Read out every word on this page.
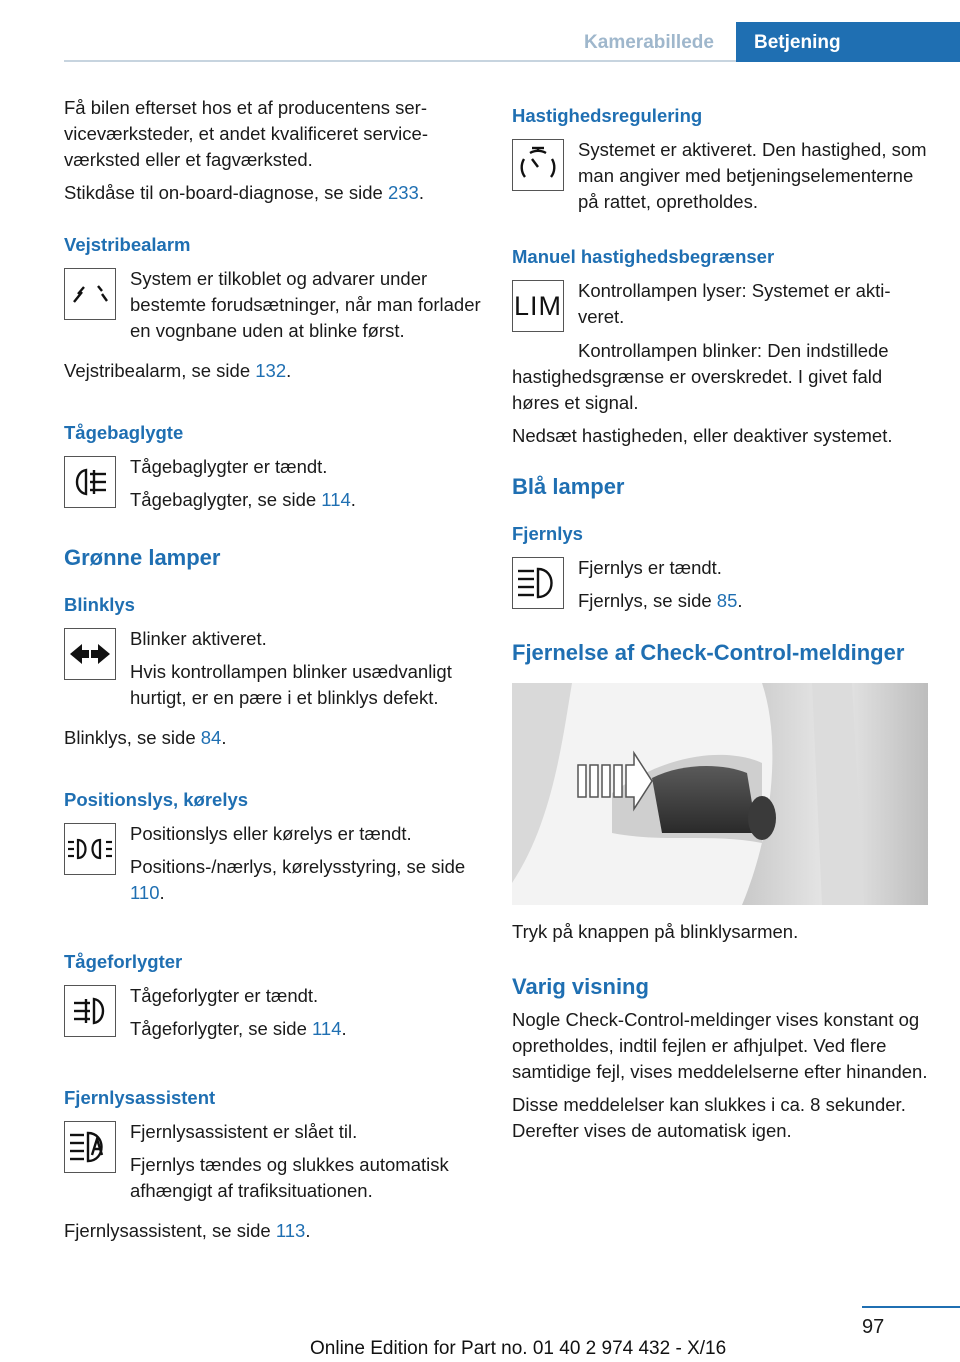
Kamerabillede	Betjening

Få bilen efterset hos et af producentens serviceværksteder, et andet kvalificeret serviceværksted eller et fagværksted.

Stikdåse til on-board-diagnose, se side 233.

Vejstribealarm

System er tilkoblet og advarer under bestemte forudsætninger, når man forlader en vognbane uden at blinke først.

Vejstribealarm, se side 132.

Tågebaglygte

Tågebaglygter er tændt.

Tågebaglygter, se side 114.

Grønne lamper
Blinklys

Blinker aktiveret.

Hvis kontrollampen blinker usædvanligt hurtigt, er en pære i et blinklys defekt.

Blinklys, se side 84.

Positionslys, kørelys

Positionslys eller kørelys er tændt.

Positions-/nærlys, kørelysstyring, se side 110.

Tågeforlygter

Tågeforlygter er tændt.

Tågeforlygter, se side 114.

Fjernlysassistent

Fjernlysassistent er slået til.

Fjernlys tændes og slukkes automatisk afhængigt af trafiksituationen.

Fjernlysassistent, se side 113.

Hastighedsregulering

Systemet er aktiveret. Den hastighed, som man angiver med betjeningselementerne på rattet, opretholdes.

Manuel hastighedsbegrænser
LIM

Kontrollampen lyser: Systemet er aktiveret.

Kontrollampen blinker: Den indstillede hastighedsgrænse er overskredet. I givet fald høres et signal.

Nedsæt hastigheden, eller deaktiver systemet.

Blå lamper
Fjernlys

Fjernlys er tændt.

Fjernlys, se side 85.

Fjernelse af Check-Control-meldinger

Tryk på knappen på blinklysarmen.

Varig visning

Nogle Check-Control-meldinger vises konstant og opretholdes, indtil fejlen er afhjulpet. Ved flere samtidige fejl, vises meddelelserne efter hinanden.

Disse meddelelser kan slukkes i ca. 8 sekunder. Derefter vises de automatisk igen.

97
Online Edition for Part no. 01 40 2 974 432 - X/16
